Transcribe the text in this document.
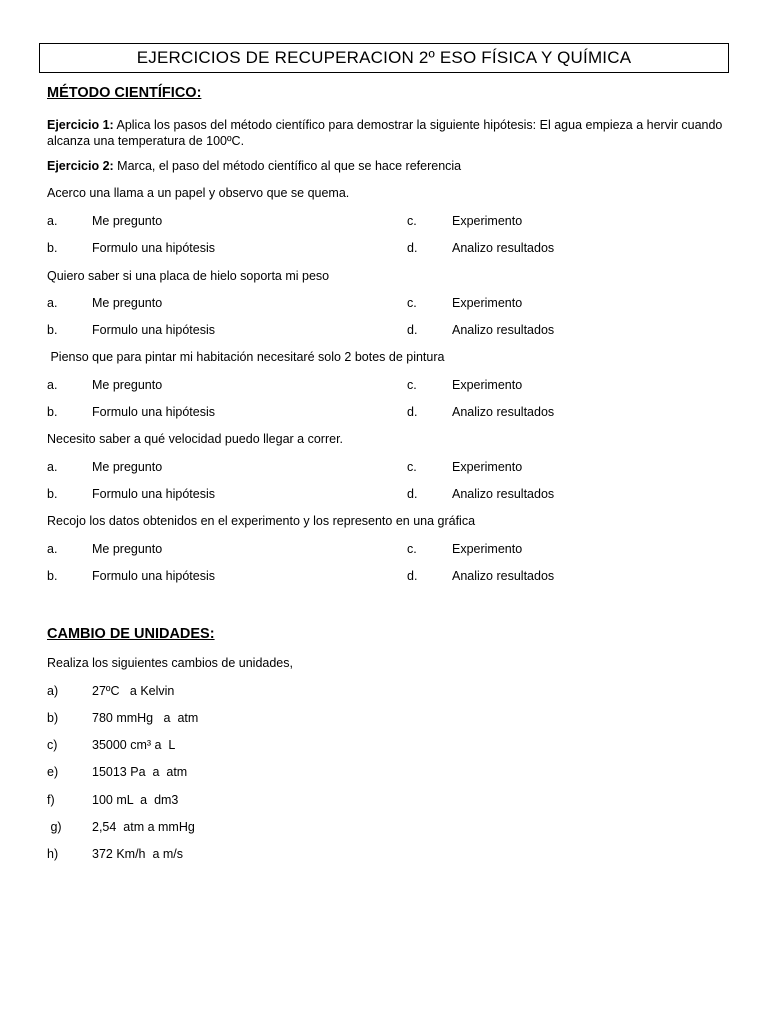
EJERCICIOS DE RECUPERACION 2º ESO FÍSICA Y QUÍMICA
MÉTODO CIENTÍFICO:
Ejercicio 1: Aplica los pasos del método científico para demostrar la siguiente hipótesis: El agua empieza a hervir cuando alcanza una temperatura de 100ºC.
Ejercicio 2: Marca, el paso del método científico al que se hace referencia
Acerco una llama a un papel y observo que se quema.
a.	Me pregunto	c.	Experimento
b.	Formulo una hipótesis	d.	Analizo resultados
Quiero saber si una placa de hielo soporta mi peso
a.	Me pregunto	c.	Experimento
b.	Formulo una hipótesis	d.	Analizo resultados
Pienso que para pintar mi habitación necesitaré solo 2 botes de pintura
a.	Me pregunto	c.	Experimento
b.	Formulo una hipótesis	d.	Analizo resultados
Necesito saber a qué velocidad puedo llegar a correr.
a.	Me pregunto	c.	Experimento
b.	Formulo una hipótesis	d.	Analizo resultados
Recojo los datos obtenidos en el experimento y los represento en una gráfica
a.	Me pregunto	c.	Experimento
b.	Formulo una hipótesis	d.	Analizo resultados
CAMBIO DE UNIDADES:
Realiza los siguientes cambios de unidades,
a)	27ºC   a Kelvin
b)	780 mmHg   a  atm
c)	35000 cm³ a  L
e)	15013 Pa  a  atm
f)	100 mL  a  dm3
g) 2,54  atm a mmHg
h)	372 Km/h  a m/s
